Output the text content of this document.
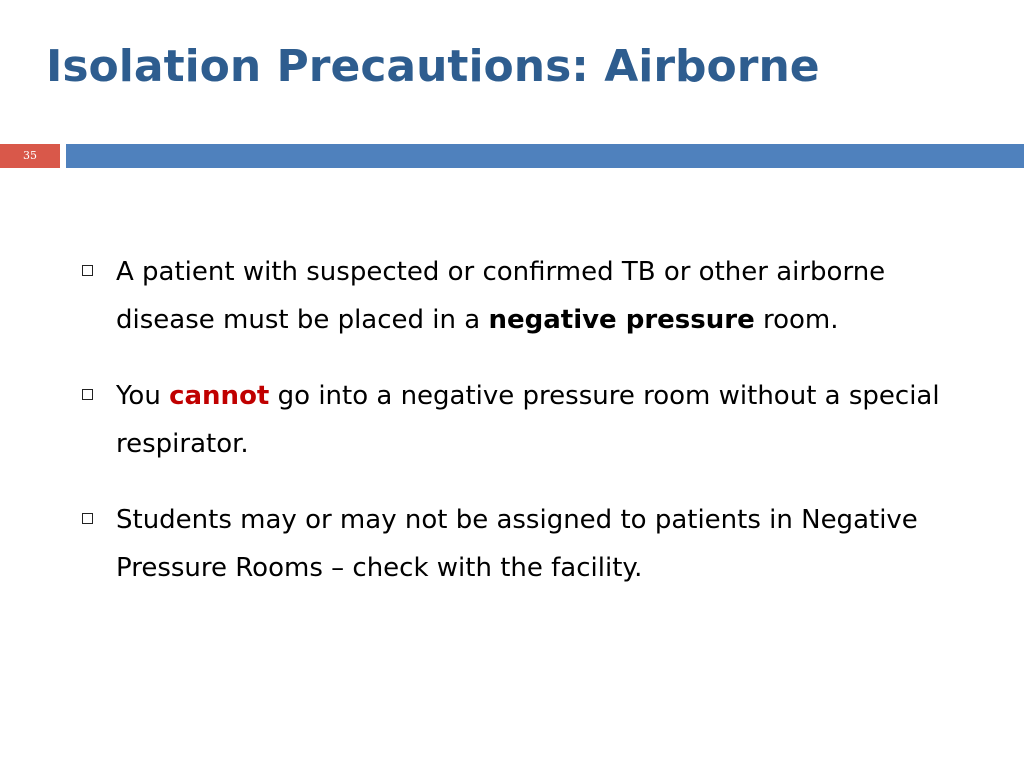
Isolation Precautions: Airborne
35
A patient with suspected or confirmed TB or other airborne disease must be placed in a negative pressure room.
You cannot go into a negative pressure room without a special respirator.
Students may or may not be assigned to patients in Negative Pressure Rooms – check with the facility.
